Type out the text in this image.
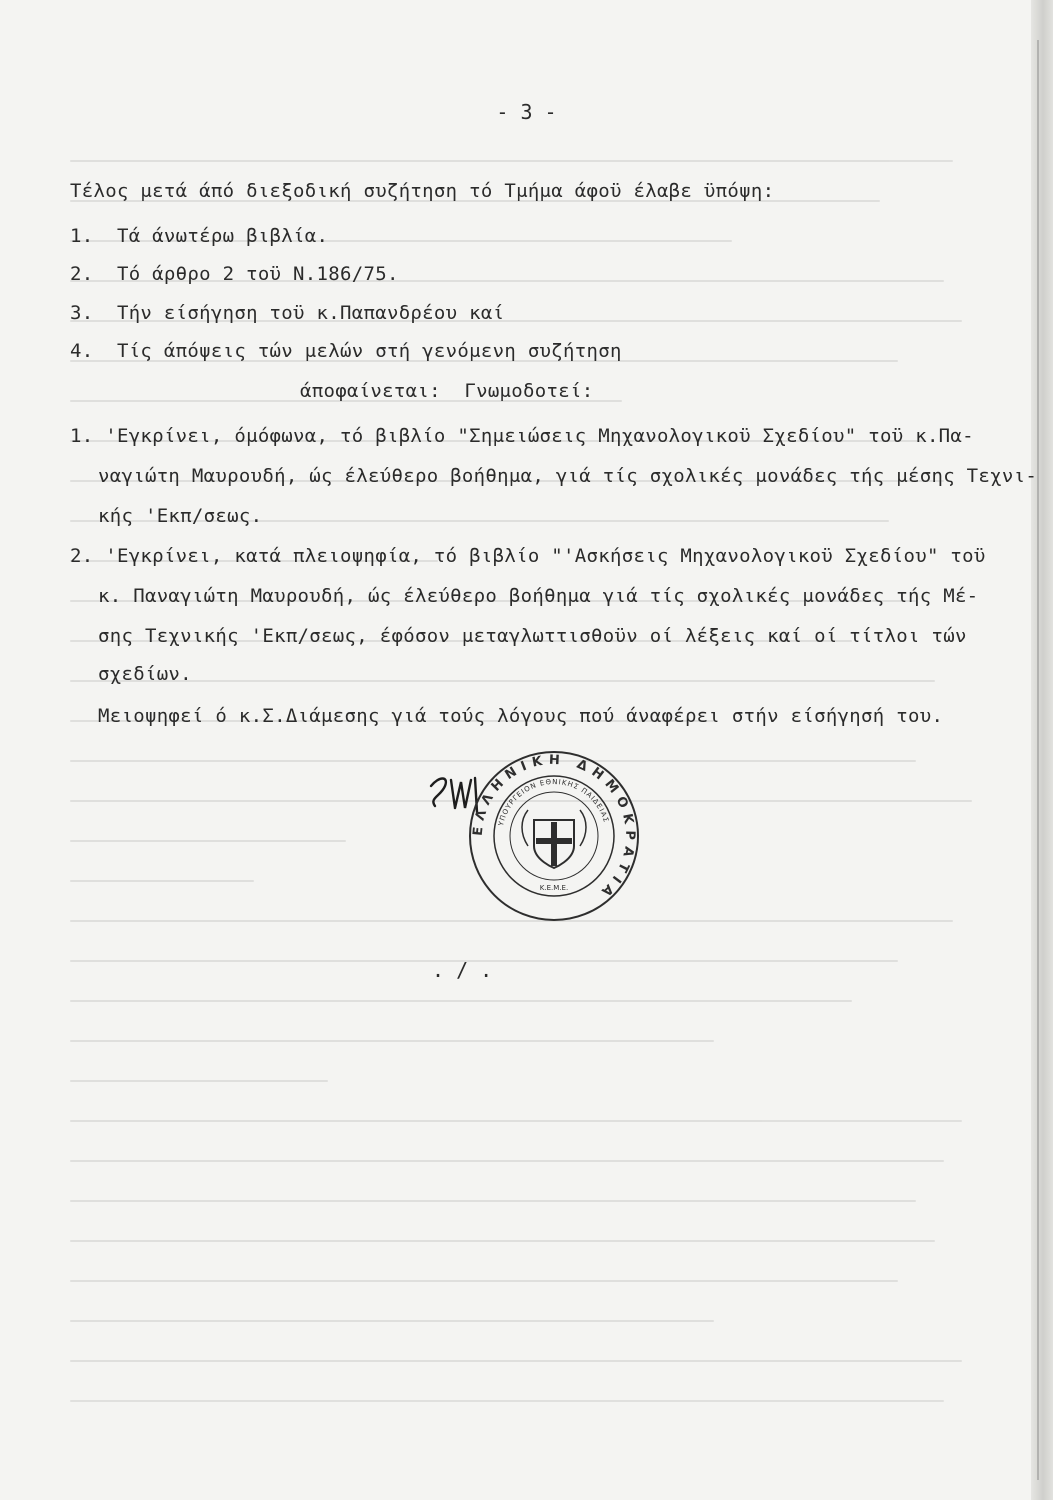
- 3 -
Τέλος μετά άπό διεξοδική συζήτηση τό Τμήμα άφοϋ έλαβε ϋπόψη:
1.  Τά άνωτέρω βιβλία.
2.  Τό άρθρο 2 τοϋ Ν.186/75.
3.  Τήν είσήγηση τοϋ κ.Παπανδρέου καί
4.  Τίς άπόψεις τών μελών στή γενόμενη συζήτηση
άποφαίνεται:  Γνωμοδοτεί:
1. 'Εγκρίνει, όμόφωνα, τό βιβλίο "Σημειώσεις Μηχανολογικοϋ Σχεδίου" τοϋ κ.Πα-
ναγιώτη Μαυρουδή, ώς έλεύθερο βοήθημα, γιά τίς σχολικές μονάδες τής μέσης Τεχνι-
κής 'Εκπ/σεως.
2. 'Εγκρίνει, κατά πλειοψηφία, τό βιβλίο "'Ασκήσεις Μηχανολογικοϋ Σχεδίου" τοϋ
κ. Παναγιώτη Μαυρουδή, ώς έλεύθερο βοήθημα γιά τίς σχολικές μονάδες τής Μέ-
σης Τεχνικής 'Εκπ/σεως, έφόσον μεταγλωττισθοϋν οί λέξεις καί οί τίτλοι τών
σχεδίων.
Μειοψηφεί ό κ.Σ.Διάμεσης γιά τούς λόγους πού άναφέρει στήν είσήγησή του.
ΕΛΛΗΝΙΚΗ ΔΗΜΟΚΡΑΤΙΑ
ΥΠΟΥΡΓΕΙΟΝ ΕΘΝΙΚΗΣ ΠΑΙΔΕΙΑΣ
Κ.Ε.Μ.Ε.
. / .
